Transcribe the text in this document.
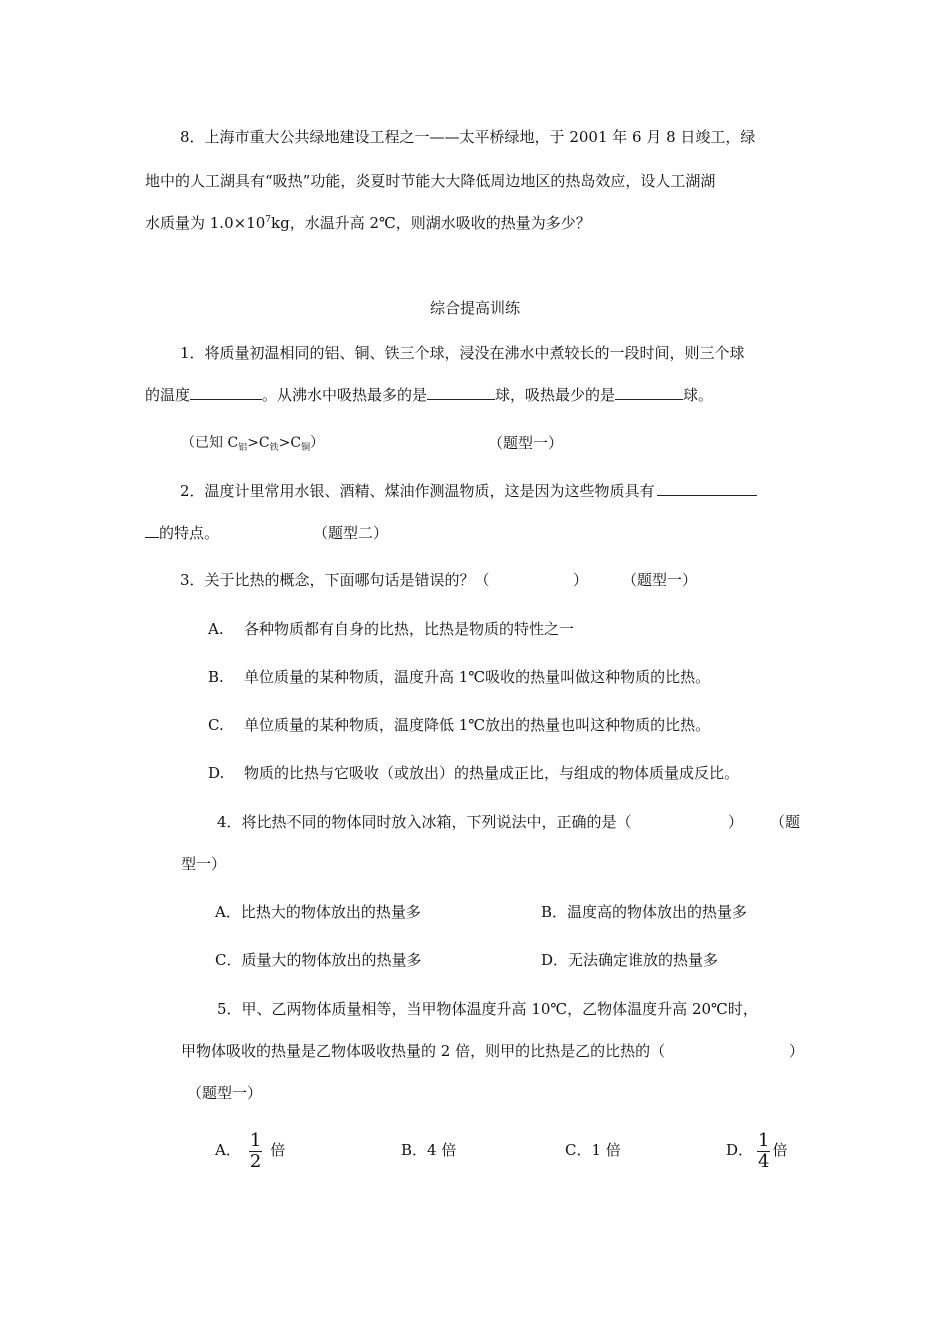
8．上海市重大公共绿地建设工程之一——太平桥绿地，于 2001 年 6 月 8 日竣工，绿
地中的人工湖具有“吸热”功能，炎夏时节能大大降低周边地区的热岛效应，设人工湖湖
水质量为 $1.0\times 10^7kg$，水温升高 2℃，则湖水吸收的热量为多少？
综合提高训练
1．将质量初温相同的铝、铜、铁三个球，浸没在沸水中煮较长的一段时间，则三个球
的温度	。从沸水中吸热最多的是	球，吸热最少的是	球。
（已知 $C_铝>C_铁>C_铜$）	（题型一）
2．温度计里常用水银、酒精、煤油作测温物质，这是因为这些物质具有
的特点。	（题型二）
3．关于比热的概念，下面哪句话是错误的？（	） （题型一）
A. 各种物质都有自身的比热，比热是物质的特性之一
B. 单位质量的某种物质，温度升高 1℃吸收的热量叫做这种物质的比热。
C. 单位质量的某种物质，温度降低 1℃放出的热量也叫这种物质的比热。
D. 物质的比热与它吸收（或放出）的热量成正比，与组成的物体质量成反比。
4．将比热不同的物体同时放入冰箱，下列说法中，正确的是（	） （题
型一）
A．比热大的物体放出的热量多	B．温度高的物体放出的热量多
C．质量大的物体放出的热量多	D．无法确定谁放的热量多
5．甲、乙两物体质量相等，当甲物体温度升高 10℃，乙物体温度升高 20℃时，
甲物体吸收的热量是乙物体吸收热量的 2 倍，则甲的比热是乙的比热的（	）
（题型一）
A． $\frac{1}{2}$ 倍	B．4 倍	C．1 倍	D． $\frac{1}{4}$ 倍
